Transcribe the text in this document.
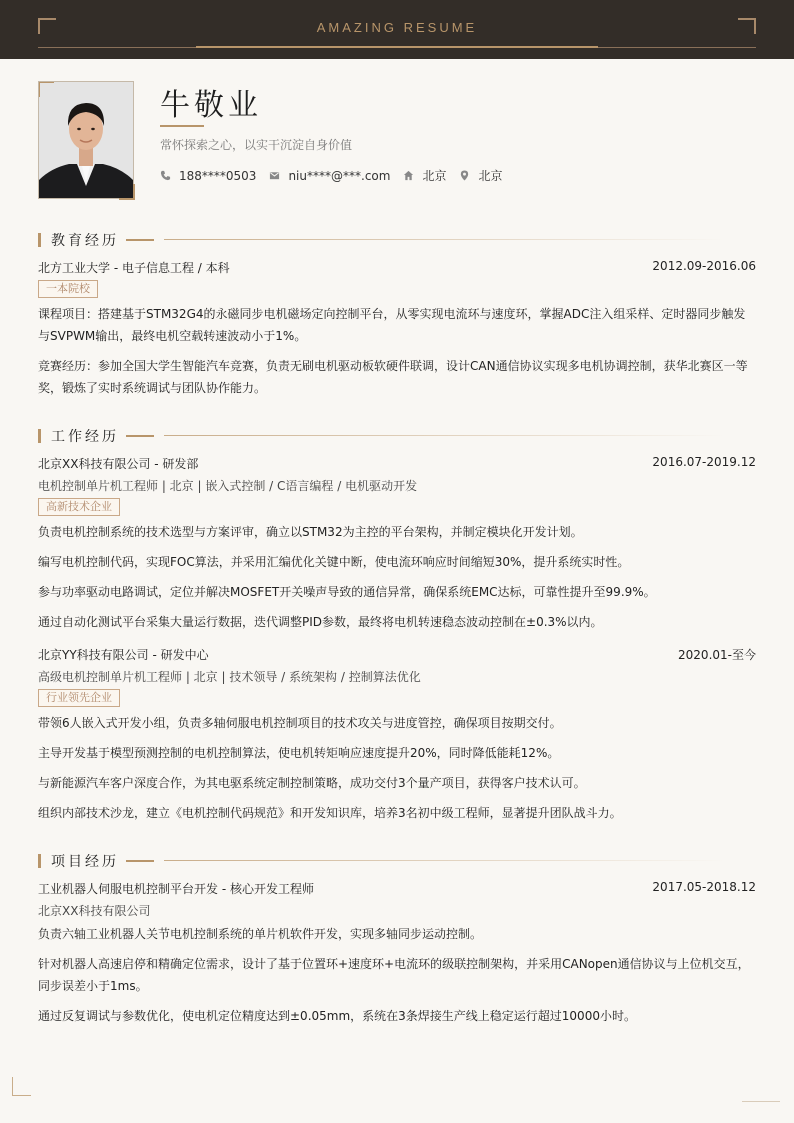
AMAZING RESUME
牛敬业
常怀探索之心，以实干沉淀自身价值
188****0503	niu****@***.com	北京	北京
教育经历
北方工业大学 - 电子信息工程 / 本科	2012.09-2016.06
一本院校
课程项目：搭建基于STM32G4的永磁同步电机磁场定向控制平台，从零实现电流环与速度环，掌握ADC注入组采样、定时器同步触发与SVPWM输出，最终电机空载转速波动小于1%。
竞赛经历：参加全国大学生智能汽车竞赛，负责无刷电机驱动板软硬件联调，设计CAN通信协议实现多电机协调控制，获华北赛区一等奖，锻炼了实时系统调试与团队协作能力。
工作经历
北京XX科技有限公司 - 研发部	2016.07-2019.12
电机控制单片机工程师 | 北京 | 嵌入式控制 / C语言编程 / 电机驱动开发
高新技术企业
负责电机控制系统的技术选型与方案评审，确立以STM32为主控的平台架构，并制定模块化开发计划。
编写电机控制代码，实现FOC算法，并采用汇编优化关键中断，使电流环响应时间缩短30%，提升系统实时性。
参与功率驱动电路调试，定位并解决MOSFET开关噪声导致的通信异常，确保系统EMC达标，可靠性提升至99.9%。
通过自动化测试平台采集大量运行数据，迭代调整PID参数，最终将电机转速稳态波动控制在±0.3%以内。
北京YY科技有限公司 - 研发中心	2020.01-至今
高级电机控制单片机工程师 | 北京 | 技术领导 / 系统架构 / 控制算法优化
行业领先企业
带领6人嵌入式开发小组，负责多轴伺服电机控制项目的技术攻关与进度管控，确保项目按期交付。
主导开发基于模型预测控制的电机控制算法，使电机转矩响应速度提升20%，同时降低能耗12%。
与新能源汽车客户深度合作，为其电驱系统定制控制策略，成功交付3个量产项目，获得客户技术认可。
组织内部技术沙龙，建立《电机控制代码规范》和开发知识库，培养3名初中级工程师，显著提升团队战斗力。
项目经历
工业机器人伺服电机控制平台开发 - 核心开发工程师	2017.05-2018.12
北京XX科技有限公司
负责六轴工业机器人关节电机控制系统的单片机软件开发，实现多轴同步运动控制。
针对机器人高速启停和精确定位需求，设计了基于位置环+速度环+电流环的级联控制架构，并采用CANopen通信协议与上位机交互，同步误差小于1ms。
通过反复调试与参数优化，使电机定位精度达到±0.05mm，系统在3条焊接生产线上稳定运行超过10000小时。
